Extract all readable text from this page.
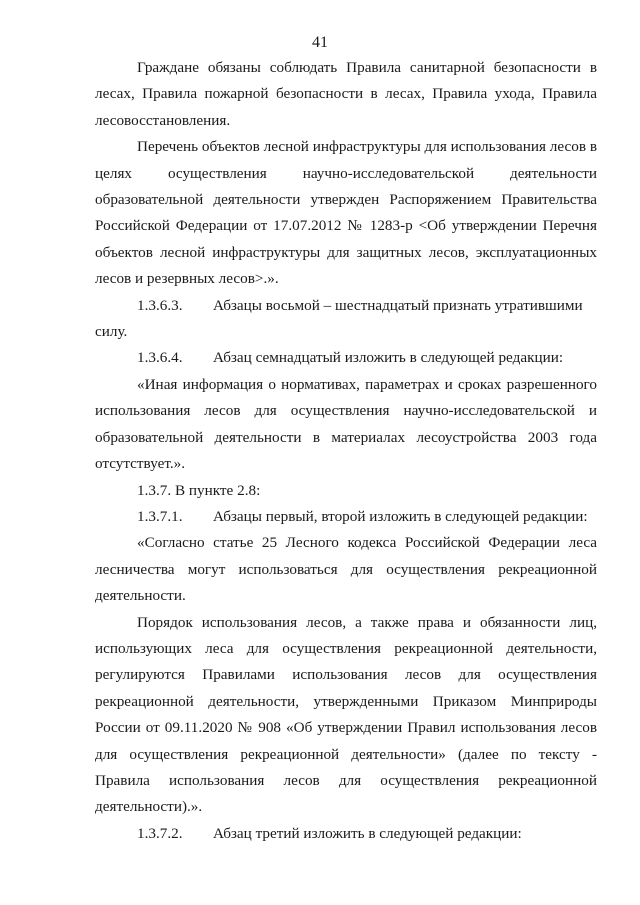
41

Граждане обязаны соблюдать Правила санитарной безопасности в
лесах, Правила пожарной безопасности в лесах, Правила ухода, Правила
лесовосстановления.

Перечень объектов лесной инфраструктуры для использования лесов в
целях осуществления научно-исследовательской деятельности
образовательной деятельности утвержден Распоряжением Правительства
Российской Федерации от 17.07.2012 № 1283-р <Об утверждении Перечня
объектов лесной инфраструктуры для защитных лесов, эксплуатационных
лесов и резервных лесов>.».

1.3.6.3. Абзацы восьмой – шестнадцатый признать утратившими
силу.

1.3.6.4. Абзац семнадцатый изложить в следующей редакции:

«Иная информация о нормативах, параметрах и сроках разрешенного
использования лесов для осуществления научно-исследовательской и
образовательной деятельности в материалах лесоустройства 2003 года
отсутствует.».

1.3.7. В пункте 2.8:

1.3.7.1. Абзацы первый, второй изложить в следующей редакции:

«Согласно статье 25 Лесного кодекса Российской Федерации леса
лесничества могут использоваться для осуществления рекреационной
деятельности.

Порядок использования лесов, а также права и обязанности лиц,
использующих леса для осуществления рекреационной деятельности,
регулируются Правилами использования лесов для осуществления
рекреационной деятельности, утвержденными Приказом Минприроды
России от 09.11.2020 № 908 «Об утверждении Правил использования лесов
для осуществления рекреационной деятельности» (далее по тексту -
Правила использования лесов для осуществления рекреационной
деятельности).».

1.3.7.2. Абзац третий изложить в следующей редакции:
